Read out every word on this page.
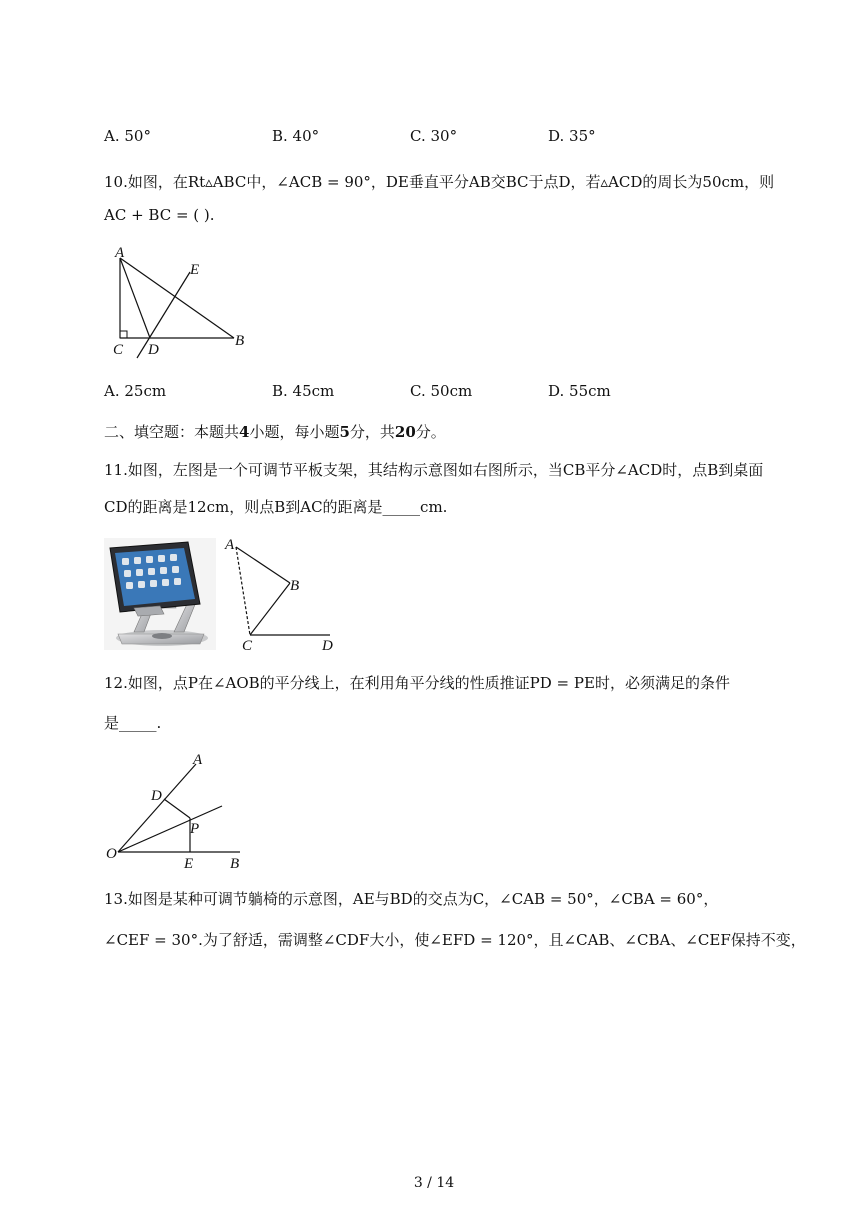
A. 50°	B. 40°	C. 30°	D. 35°
10.如图，在Rt▵ABC中，∠ACB = 90°，DE垂直平分AB交BC于点D，若▵ACD的周长为50cm，则
AC + BC = ( ).
A
E
C D
B
A. 25cm	B. 45cm	C. 50cm	D. 55cm
二、填空题：本题共4小题，每小题5分，共20分。
11.如图，左图是一个可调节平板支架，其结构示意图如右图所示，当CB平分∠ACD时，点B到桌面
CD的距离是12cm，则点B到AC的距离是_____cm.
A
B
C	D
12.如图，点P在∠AOB的平分线上，在利用角平分线的性质推证PD = PE时，必须满足的条件
是_____.
A
D
P
O
E B
13.如图是某种可调节躺椅的示意图，AE与BD的交点为C，∠CAB = 50°，∠CBA = 60°，
∠CEF = 30°.为了舒适，需调整∠CDF大小，使∠EFD = 120°，且∠CAB、∠CBA、∠CEF保持不变，
3 / 14
